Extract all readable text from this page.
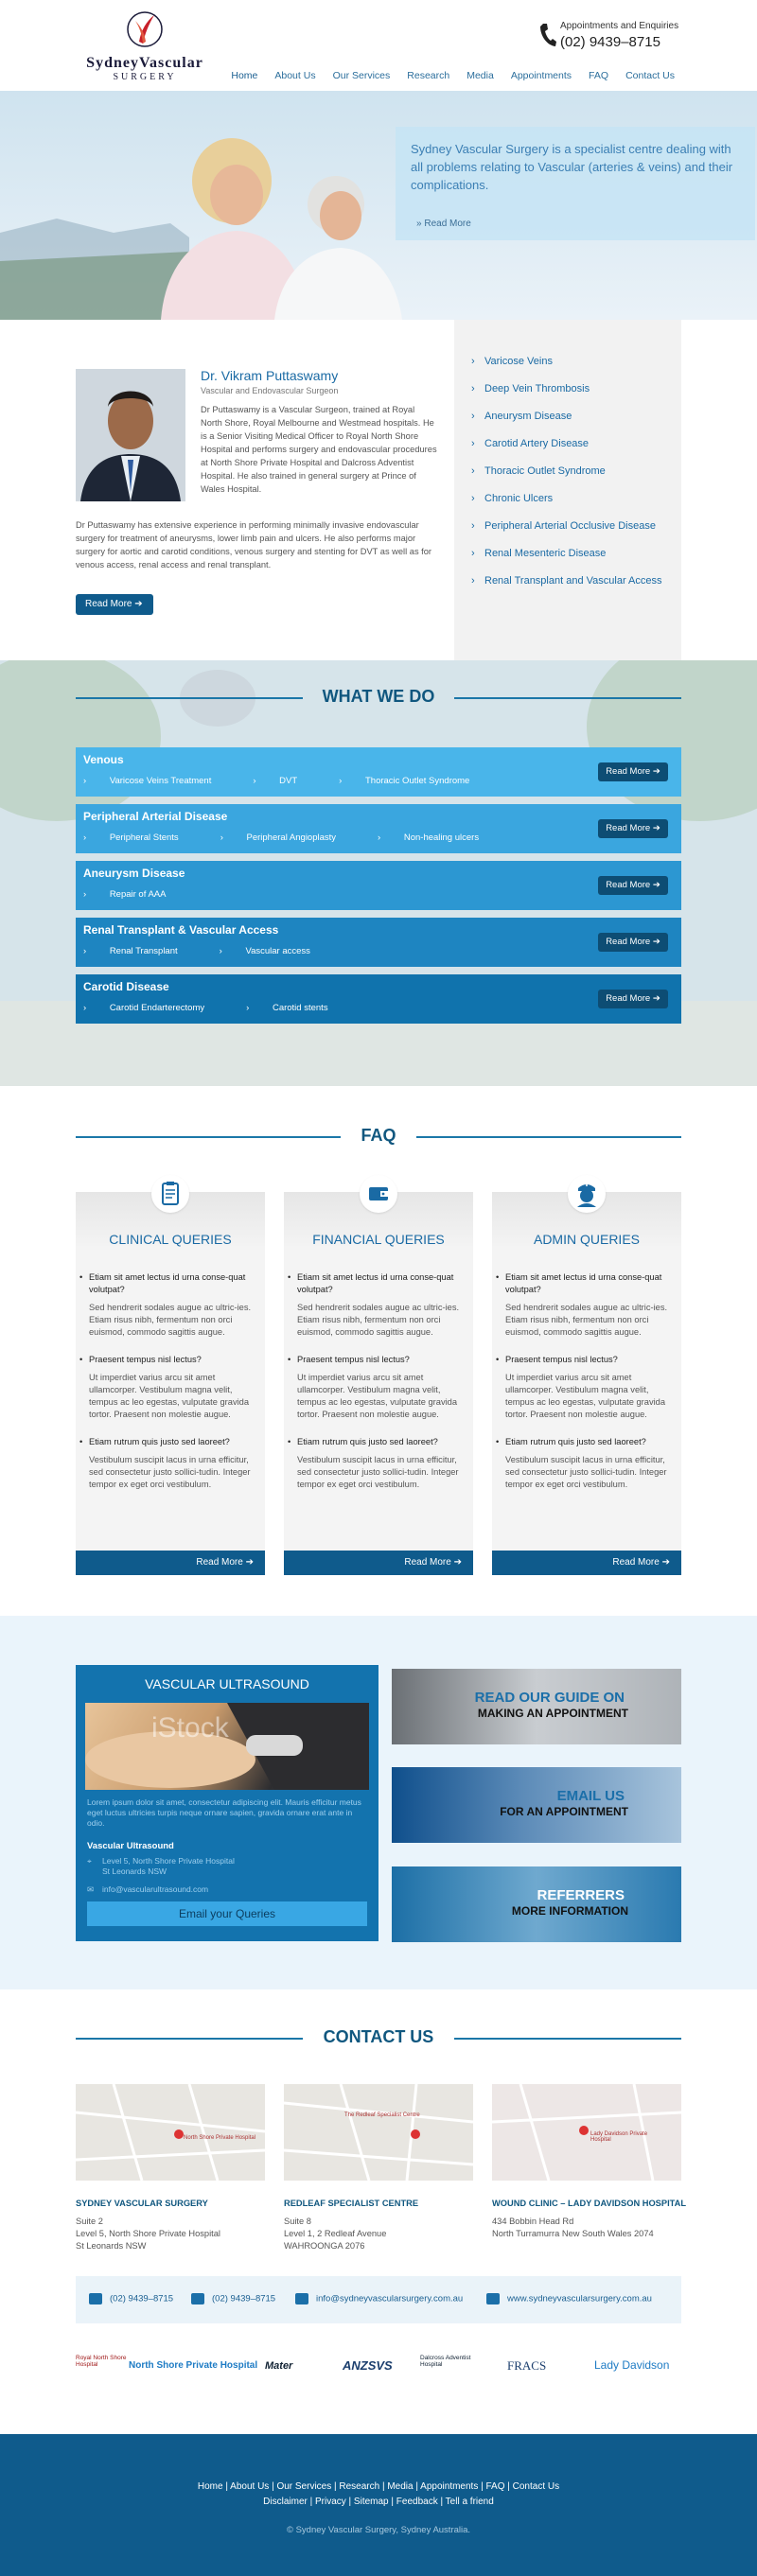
SydneyVascular
SURGERY
Appointments and Enquiries
(02) 9439–8715
Home	About Us	Our Services	Research	Media	Appointments	FAQ	Contact Us
Sydney Vascular Surgery is a specialist centre dealing with all problems relating to Vascular (arteries & veins) and their complications.
» Read More
Dr. Vikram Puttaswamy
Vascular and Endovascular Surgeon
Dr Puttaswamy is a Vascular Surgeon, trained at Royal North Shore, Royal Melbourne and Westmead hospitals. He is a Senior Visiting Medical Officer to Royal North Shore Hospital and performs surgery and endovascular procedures at North Shore Private Hospital and Dalcross Adventist Hospital. He also trained in general surgery at Prince of Wales Hospital.
Dr Puttaswamy has extensive experience in performing minimally invasive endovascular surgery for treatment of aneurysms, lower limb pain and ulcers. He also performs major surgery for aortic and carotid conditions, venous surgery and stenting for DVT as well as for venous access, renal access and renal transplant.
Read More ➔
› Varicose Veins
› Deep Vein Thrombosis
› Aneurysm Disease
› Carotid Artery Disease
› Thoracic Outlet Syndrome
› Chronic Ulcers
› Peripheral Arterial Occlusive Disease
› Renal Mesenteric Disease
› Renal Transplant and Vascular Access
WHAT WE DO
Venous
› Varicose Veins Treatment	› DVT	› Thoracic Outlet Syndrome
Read More ➔
Peripheral Arterial Disease
› Peripheral Stents	› Peripheral Angioplasty	› Non-healing ulcers
Read More ➔
Aneurysm Disease
› Repair of AAA
Read More ➔
Renal Transplant & Vascular Access
› Renal Transplant	› Vascular access
Read More ➔
Carotid Disease
› Carotid Endarterectomy	› Carotid stents
Read More ➔
FAQ
CLINICAL QUERIES
• Etiam sit amet lectus id urna conse-quat volutpat?
Sed hendrerit sodales augue ac ultric-ies. Etiam risus nibh, fermentum non orci euismod, commodo sagittis augue.
• Praesent tempus nisl lectus?
Ut imperdiet varius arcu sit amet ullamcorper. Vestibulum magna velit, tempus ac leo egestas, vulputate gravida tortor. Praesent non molestie augue.
• Etiam rutrum quis justo sed laoreet?
Vestibulum suscipit lacus in urna efficitur, sed consectetur justo sollici-tudin. Integer tempor ex eget orci vestibulum.
Read More ➔
FINANCIAL QUERIES
• Etiam sit amet lectus id urna conse-quat volutpat?
Sed hendrerit sodales augue ac ultric-ies. Etiam risus nibh, fermentum non orci euismod, commodo sagittis augue.
• Praesent tempus nisl lectus?
Ut imperdiet varius arcu sit amet ullamcorper. Vestibulum magna velit, tempus ac leo egestas, vulputate gravida tortor. Praesent non molestie augue.
• Etiam rutrum quis justo sed laoreet?
Vestibulum suscipit lacus in urna efficitur, sed consectetur justo sollici-tudin. Integer tempor ex eget orci vestibulum.
Read More ➔
ADMIN QUERIES
• Etiam sit amet lectus id urna conse-quat volutpat?
Sed hendrerit sodales augue ac ultric-ies. Etiam risus nibh, fermentum non orci euismod, commodo sagittis augue.
• Praesent tempus nisl lectus?
Ut imperdiet varius arcu sit amet ullamcorper. Vestibulum magna velit, tempus ac leo egestas, vulputate gravida tortor. Praesent non molestie augue.
• Etiam rutrum quis justo sed laoreet?
Vestibulum suscipit lacus in urna efficitur, sed consectetur justo sollici-tudin. Integer tempor ex eget orci vestibulum.
Read More ➔
VASCULAR ULTRASOUND
iStock
Lorem ipsum dolor sit amet, consectetur adipiscing elit. Mauris efficitur metus eget luctus ultricies turpis neque ornare sapien, gravida ornare erat ante in odio.
Vascular Ultrasound
⌖ Level 5, North Shore Private Hospital
St Leonards NSW
✉ info@vascularultrasound.com
Email your Queries
READ OUR GUIDE ON
MAKING AN APPOINTMENT
EMAIL US
FOR AN APPOINTMENT
REFERRERS
MORE INFORMATION
CONTACT US
North Shore Private Hospital
The Redleaf Specialist Centre
Lady Davidson Private Hospital
SYDNEY VASCULAR SURGERY
Suite 2
Level 5, North Shore Private Hospital
St Leonards NSW
REDLEAF SPECIALIST CENTRE
Suite 8
Level 1, 2 Redleaf Avenue
WAHROONGA 2076
WOUND CLINIC – LADY DAVIDSON HOSPITAL
434 Bobbin Head Rd
North Turramurra New South Wales 2074
(02) 9439–8715	(02) 9439–8715	info@sydneyvascularsurgery.com.au	www.sydneyvascularsurgery.com.au
Royal North Shore Hospital	North Shore Private Hospital Mater	ANZSVS
Dalcross Adventist Hospital	FRACS	Lady Davidson
Home | About Us | Our Services | Research | Media | Appointments | FAQ | Contact Us
Disclaimer | Privacy | Sitemap | Feedback | Tell a friend
© Sydney Vascular Surgery, Sydney Australia.
